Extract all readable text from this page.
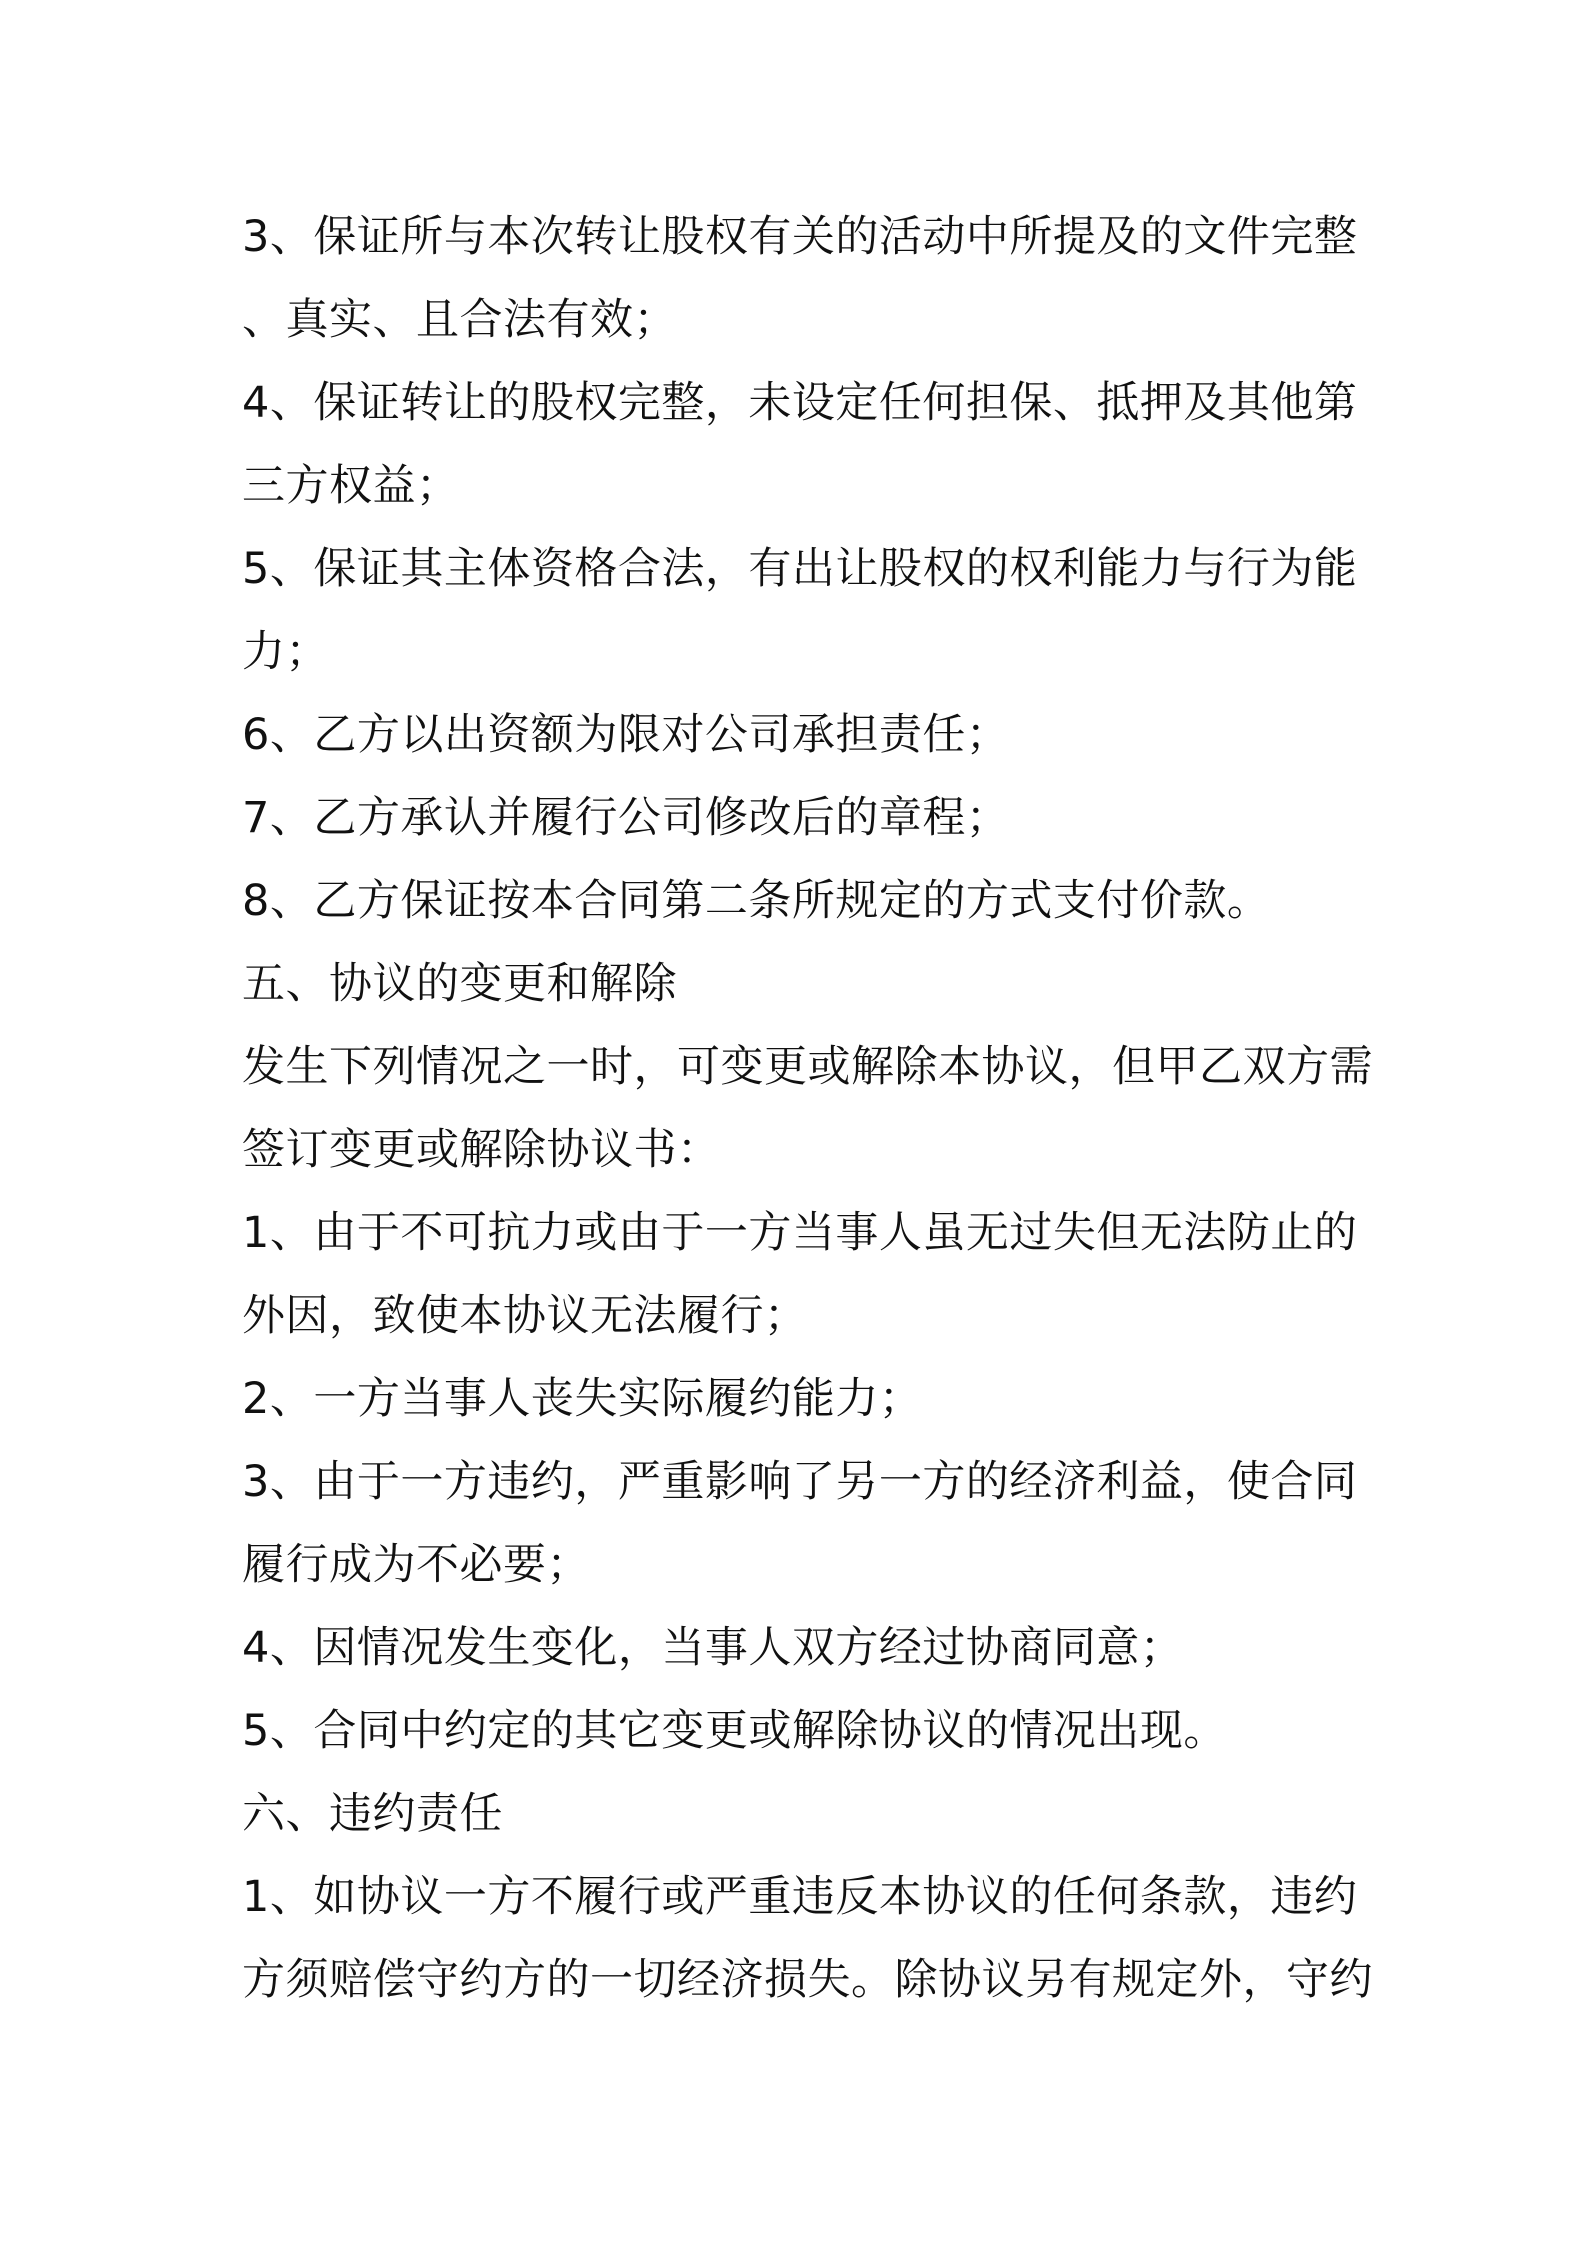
3、保证所与本次转让股权有关的活动中所提及的文件完整
、真实、且合法有效；
4、保证转让的股权完整，未设定任何担保、抵押及其他第
三方权益；
5、保证其主体资格合法，有出让股权的权利能力与行为能
力；
6、乙方以出资额为限对公司承担责任；
7、乙方承认并履行公司修改后的章程；
8、乙方保证按本合同第二条所规定的方式支付价款。
五、协议的变更和解除
发生下列情况之一时，可变更或解除本协议，但甲乙双方需
签订变更或解除协议书：
1、由于不可抗力或由于一方当事人虽无过失但无法防止的
外因，致使本协议无法履行；
2、一方当事人丧失实际履约能力；
3、由于一方违约，严重影响了另一方的经济利益，使合同
履行成为不必要；
4、因情况发生变化，当事人双方经过协商同意；
5、合同中约定的其它变更或解除协议的情况出现。
六、违约责任
1、如协议一方不履行或严重违反本协议的任何条款，违约
方须赔偿守约方的一切经济损失。除协议另有规定外，守约
